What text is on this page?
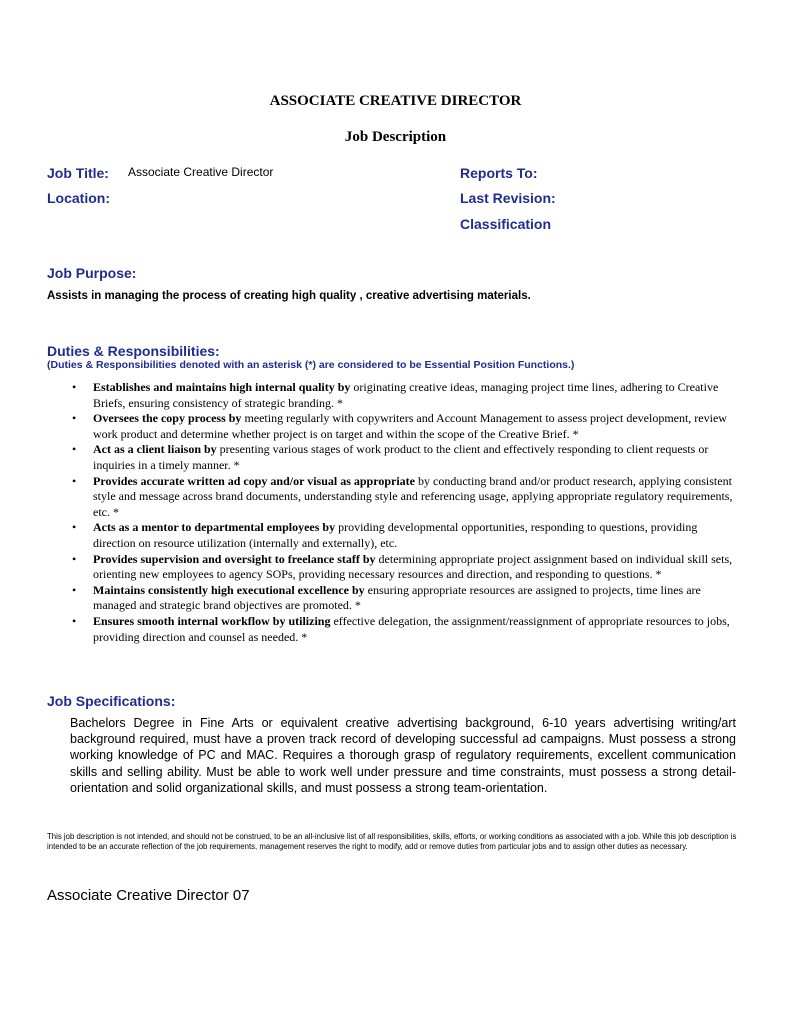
ASSOCIATE CREATIVE DIRECTOR
Job Description
Job Title: Associate Creative Director
Location:
Reports To:
Last Revision:
Classification
Job Purpose:
Assists in managing the process of creating high quality , creative advertising materials.
Duties & Responsibilities:
(Duties & Responsibilities denoted with an asterisk (*) are considered to be Essential Position Functions.)
• Establishes and maintains high internal quality by originating creative ideas, managing project time lines, adhering to Creative Briefs, ensuring consistency of strategic branding. *
• Oversees the copy process by meeting regularly with copywriters and Account Management to assess project development, review work product and determine whether project is on target and within the scope of the Creative Brief. *
• Act as a client liaison by presenting various stages of work product to the client and effectively responding to client requests or inquiries in a timely manner. *
• Provides accurate written ad copy and/or visual as appropriate by conducting brand and/or product research, applying consistent style and message across brand documents, understanding style and referencing usage, applying appropriate regulatory requirements, etc. *
• Acts as a mentor to departmental employees by providing developmental opportunities, responding to questions, providing direction on resource utilization (internally and externally), etc.
• Provides supervision and oversight to freelance staff by determining appropriate project assignment based on individual skill sets, orienting new employees to agency SOPs, providing necessary resources and direction, and responding to questions. *
• Maintains consistently high executional excellence by ensuring appropriate resources are assigned to projects, time lines are managed and strategic brand objectives are promoted. *
• Ensures smooth internal workflow by utilizing effective delegation, the assignment/reassignment of appropriate resources to jobs, providing direction and counsel as needed. *
Job Specifications:
Bachelors Degree in Fine Arts or equivalent creative advertising background, 6-10 years advertising writing/art background required, must have a proven track record of developing successful ad campaigns. Must possess a strong working knowledge of PC and MAC. Requires a thorough grasp of regulatory requirements, excellent communication skills and selling ability. Must be able to work well under pressure and time constraints, must possess a strong detail-orientation and solid organizational skills, and must possess a strong team-orientation.
This job description is not intended, and should not be construed, to be an all-inclusive list of all responsibilities, skills, efforts, or working conditions as associated with a job. While this job description is intended to be an accurate reflection of the job requirements, management reserves the right to modify, add or remove duties from particular jobs and to assign other duties as necessary.
Associate Creative Director 07
